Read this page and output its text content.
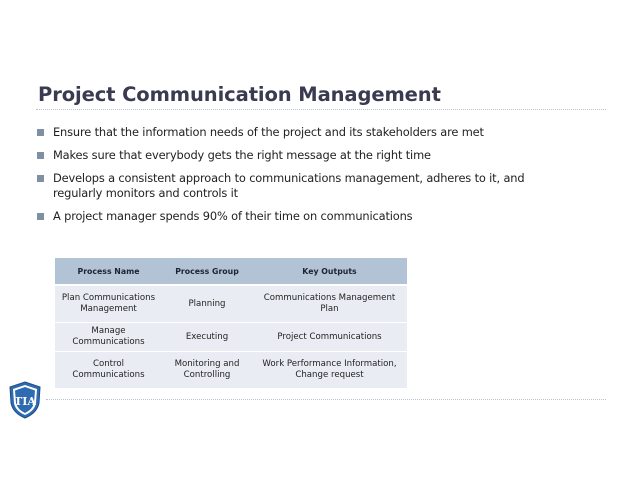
Project Communication Management
Ensure that the information needs of the project and its stakeholders are met
Makes sure that everybody gets the right message at the right time
Develops a consistent approach to communications management, adheres to it, and regularly monitors and controls it
A project manager spends 90% of their time on communications
Process Name	Process Group	Key Outputs
Plan Communications Management	Planning	Communications Management Plan
Manage Communications	Executing	Project Communications
Control Communications	Monitoring and Controlling	Work Performance Information, Change request
TIA
